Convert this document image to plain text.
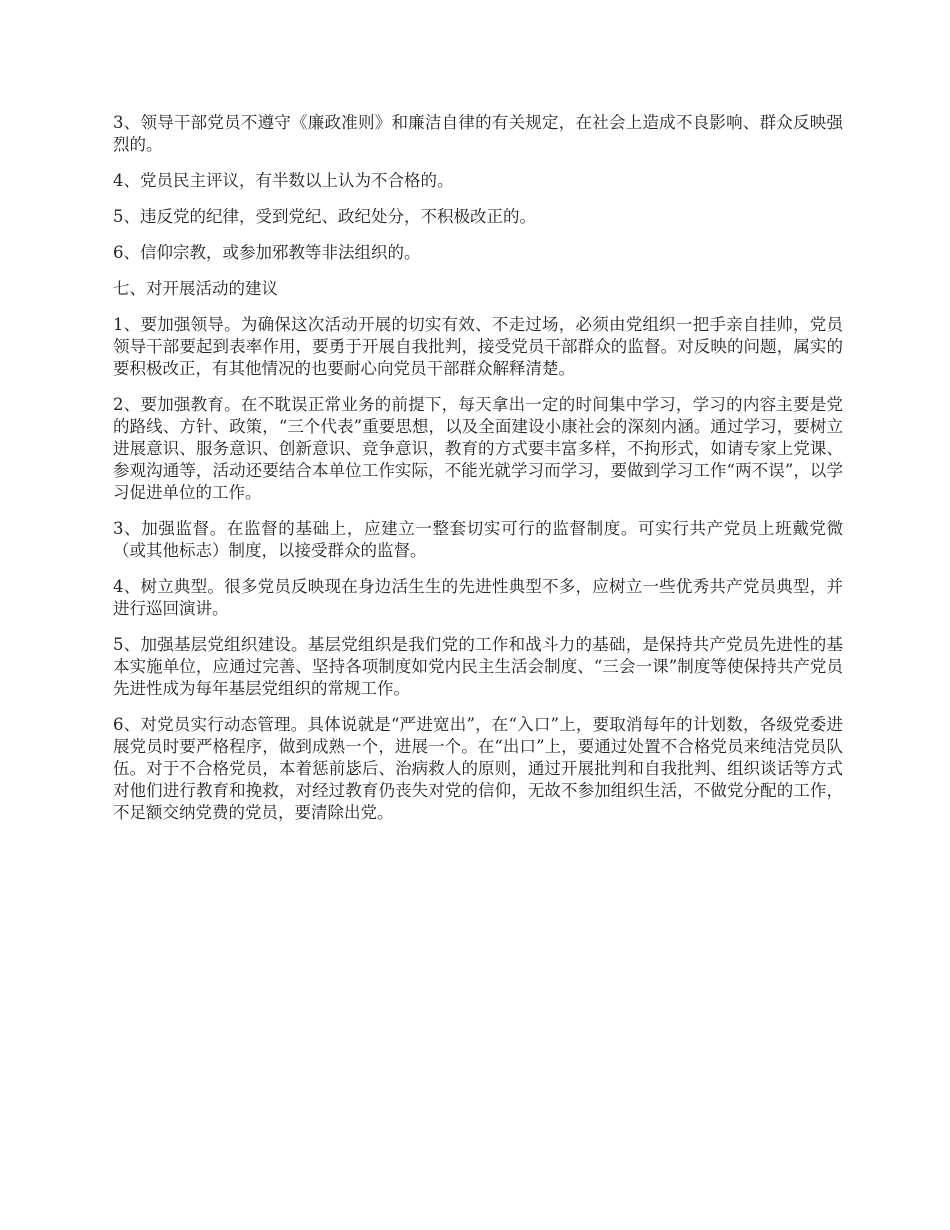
3、领导干部党员不遵守《廉政准则》和廉洁自律的有关规定，在社会上造成不良影响、群众反映强烈的。

4、党员民主评议，有半数以上认为不合格的。

5、违反党的纪律，受到党纪、政纪处分，不积极改正的。

6、信仰宗教，或参加邪教等非法组织的。

七、对开展活动的建议

1、要加强领导。为确保这次活动开展的切实有效、不走过场，必须由党组织一把手亲自挂帅，党员领导干部要起到表率作用，要勇于开展自我批判，接受党员干部群众的监督。对反映的问题，属实的要积极改正，有其他情况的也要耐心向党员干部群众解释清楚。

2、要加强教育。在不耽误正常业务的前提下，每天拿出一定的时间集中学习，学习的内容主要是党的路线、方针、政策，“三个代表”重要思想，以及全面建设小康社会的深刻内涵。通过学习，要树立进展意识、服务意识、创新意识、竞争意识，教育的方式要丰富多样，不拘形式，如请专家上党课、参观沟通等，活动还要结合本单位工作实际，不能光就学习而学习，要做到学习工作“两不误”，以学习促进单位的工作。

3、加强监督。在监督的基础上，应建立一整套切实可行的监督制度。可实行共产党员上班戴党微（或其他标志）制度，以接受群众的监督。

4、树立典型。很多党员反映现在身边活生生的先进性典型不多，应树立一些优秀共产党员典型，并进行巡回演讲。

5、加强基层党组织建设。基层党组织是我们党的工作和战斗力的基础，是保持共产党员先进性的基本实施单位，应通过完善、坚持各项制度如党内民主生活会制度、“三会一课”制度等使保持共产党员先进性成为每年基层党组织的常规工作。

6、对党员实行动态管理。具体说就是“严进宽出”，在“入口”上，要取消每年的计划数，各级党委进展党员时要严格程序，做到成熟一个，进展一个。在“出口”上，要通过处置不合格党员来纯洁党员队伍。对于不合格党员，本着惩前毖后、治病救人的原则，通过开展批判和自我批判、组织谈话等方式对他们进行教育和挽救，对经过教育仍丧失对党的信仰，无故不参加组织生活，不做党分配的工作，不足额交纳党费的党员，要清除出党。
